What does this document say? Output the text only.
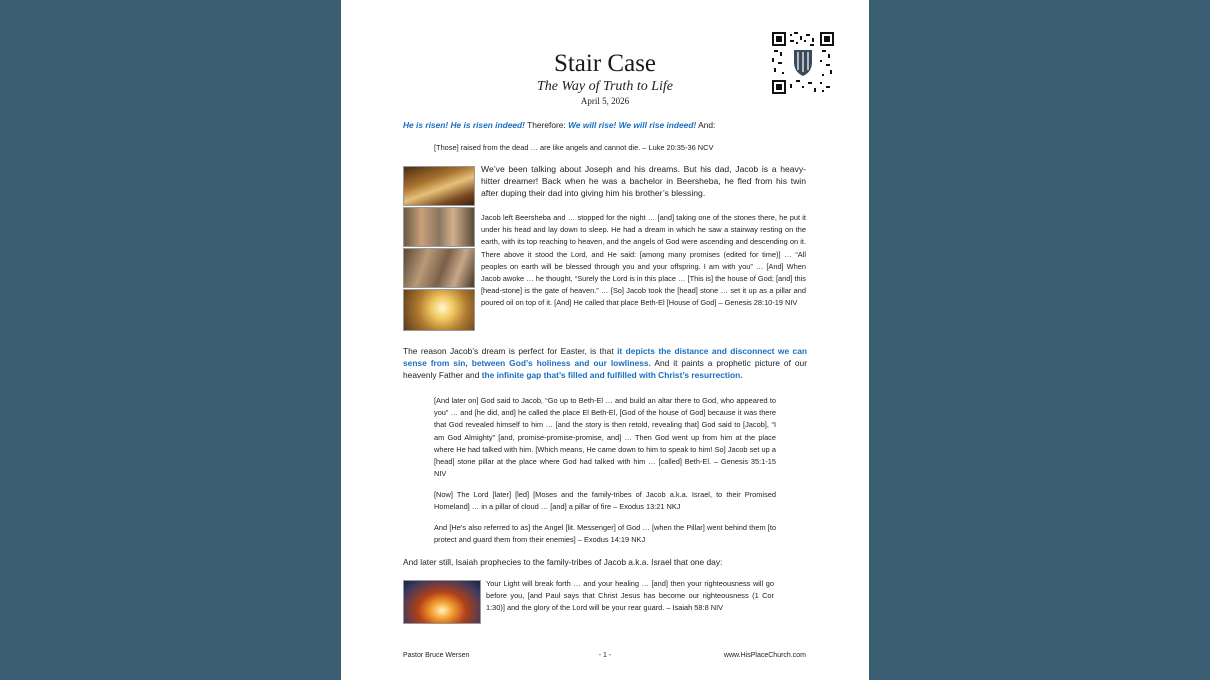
Stair Case
The Way of Truth to Life
April 5, 2026
He is risen! He is risen indeed! Therefore: We will rise! We will rise indeed! And:
[Those] raised from the dead … are like angels and cannot die. – Luke 20:35-36 NCV
We’ve been talking about Joseph and his dreams. But his dad, Jacob is a heavy-hitter dreamer! Back when he was a bachelor in Beersheba, he fled from his twin after duping their dad into giving him his brother’s blessing.
Jacob left Beersheba and … stopped for the night … [and] taking one of the stones there, he put it under his head and lay down to sleep. He had a dream in which he saw a stairway resting on the earth, with its top reaching to heaven, and the angels of God were ascending and descending on it. There above it stood the Lord, and He said: [among many promises (edited for time)] … “All peoples on earth will be blessed through you and your offspring. I am with you” … [And] When Jacob awoke … he thought, “Surely the Lord is in this place … [This is] the house of God; [and] this [head-stone] is the gate of heaven.” … [So] Jacob took the [head] stone … set it up as a pillar and poured oil on top of it. [And] He called that place Beth-El [House of God] – Genesis 28:10-19 NIV
The reason Jacob’s dream is perfect for Easter, is that it depicts the distance and disconnect we can sense from sin, between God’s holiness and our lowliness. And it paints a prophetic picture of our heavenly Father and the infinite gap that’s filled and fulfilled with Christ’s resurrection.
[And later on] God said to Jacob, “Go up to Beth-El … and build an altar there to God, who appeared to you” … and [he did, and] he called the place El Beth-El, [God of the house of God] because it was there that God revealed himself to him … [and the story is then retold, revealing that] God said to [Jacob], “I am God Almighty” [and, promise-promise-promise, and] … Then God went up from him at the place where He had talked with him. [Which means, He came down to him to speak to him! So] Jacob set up a [head] stone pillar at the place where God had talked with him … [called] Beth-El. – Genesis 35:1-15 NIV
[Now] The Lord [later] [led] [Moses and the family-tribes of Jacob a.k.a. Israel, to their Promised Homeland] … in a pillar of cloud … [and] a pillar of fire – Exodus 13:21 NKJ
And [He’s also referred to as] the Angel [lit. Messenger] of God … [when the Pillar] went behind them [to protect and guard them from their enemies] – Exodus 14:19 NKJ
And later still, Isaiah prophecies to the family-tribes of Jacob a.k.a. Israel that one day:
Your Light will break forth … and your healing … [and] then your righteousness will go before you, [and Paul says that Christ Jesus has become our righteousness (1 Cor 1:30)] and the glory of the Lord will be your rear guard. – Isaiah 58:8 NIV
Pastor Bruce Wersen	- 1 -	www.HisPlaceChurch.com
